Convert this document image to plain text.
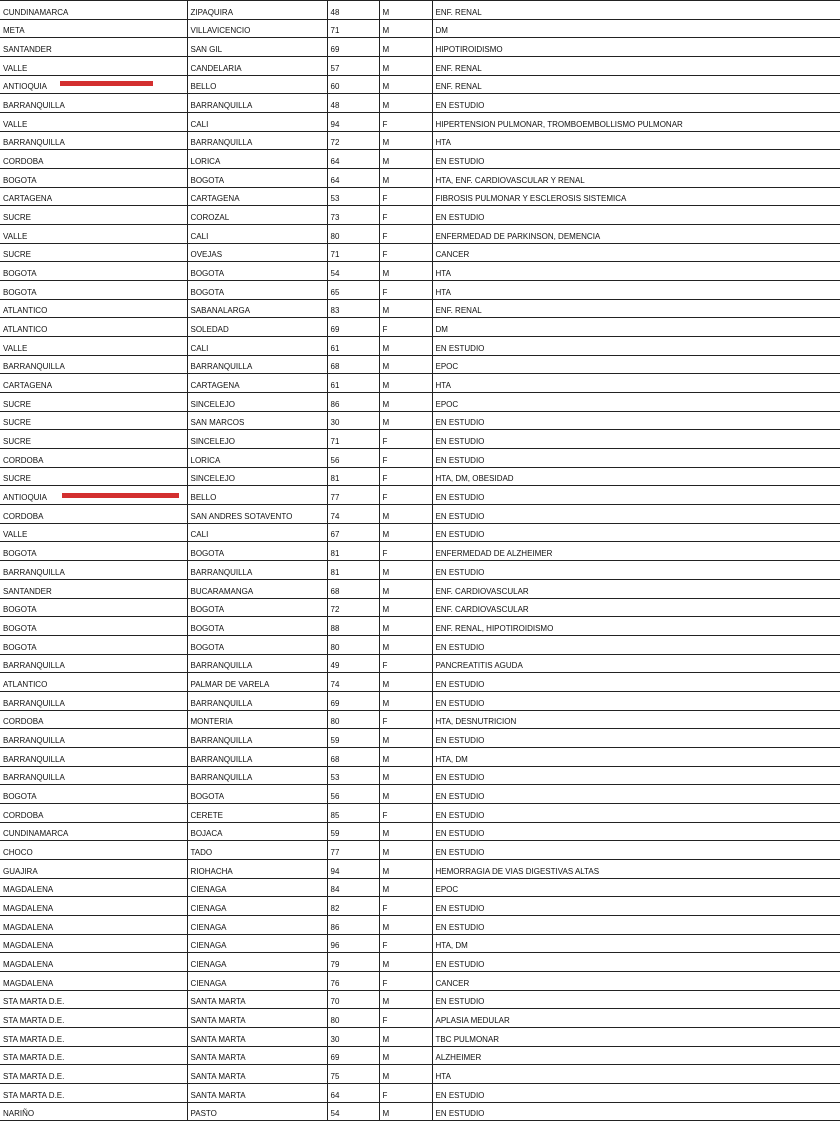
CUNDINAMARCA	ZIPAQUIRA	48	M	ENF. RENAL
META	VILLAVICENCIO	71	M	DM
SANTANDER	SAN GIL	69	M	HIPOTIROIDISMO
VALLE	CANDELARIA	57	M	ENF. RENAL
ANTIOQUIA	BELLO	60	M	ENF. RENAL
BARRANQUILLA	BARRANQUILLA	48	M	EN ESTUDIO
VALLE	CALI	94	F	HIPERTENSION PULMONAR, TROMBOEMBOLLISMO PULMONAR
BARRANQUILLA	BARRANQUILLA	72	M	HTA
CORDOBA	LORICA	64	M	EN ESTUDIO
BOGOTA	BOGOTA	64	M	HTA, ENF. CARDIOVASCULAR Y RENAL
CARTAGENA	CARTAGENA	53	F	FIBROSIS PULMONAR Y ESCLEROSIS SISTEMICA
SUCRE	COROZAL	73	F	EN ESTUDIO
VALLE	CALI	80	F	ENFERMEDAD DE PARKINSON, DEMENCIA
SUCRE	OVEJAS	71	F	CANCER
BOGOTA	BOGOTA	54	M	HTA
BOGOTA	BOGOTA	65	F	HTA
ATLANTICO	SABANALARGA	83	M	ENF. RENAL
ATLANTICO	SOLEDAD	69	F	DM
VALLE	CALI	61	M	EN ESTUDIO
BARRANQUILLA	BARRANQUILLA	68	M	EPOC
CARTAGENA	CARTAGENA	61	M	HTA
SUCRE	SINCELEJO	86	M	EPOC
SUCRE	SAN MARCOS	30	M	EN ESTUDIO
SUCRE	SINCELEJO	71	F	EN ESTUDIO
CORDOBA	LORICA	56	F	EN ESTUDIO
SUCRE	SINCELEJO	81	F	HTA, DM, OBESIDAD
ANTIOQUIA	BELLO	77	F	EN ESTUDIO
CORDOBA	SAN ANDRES SOTAVENTO	74	M	EN ESTUDIO
VALLE	CALI	67	M	EN ESTUDIO
BOGOTA	BOGOTA	81	F	ENFERMEDAD DE ALZHEIMER
BARRANQUILLA	BARRANQUILLA	81	M	EN ESTUDIO
SANTANDER	BUCARAMANGA	68	M	ENF. CARDIOVASCULAR
BOGOTA	BOGOTA	72	M	ENF. CARDIOVASCULAR
BOGOTA	BOGOTA	88	M	ENF. RENAL, HIPOTIROIDISMO
BOGOTA	BOGOTA	80	M	EN ESTUDIO
BARRANQUILLA	BARRANQUILLA	49	F	PANCREATITIS AGUDA
ATLANTICO	PALMAR DE VARELA	74	M	EN ESTUDIO
BARRANQUILLA	BARRANQUILLA	69	M	EN ESTUDIO
CORDOBA	MONTERIA	80	F	HTA, DESNUTRICION
BARRANQUILLA	BARRANQUILLA	59	M	EN ESTUDIO
BARRANQUILLA	BARRANQUILLA	68	M	HTA, DM
BARRANQUILLA	BARRANQUILLA	53	M	EN ESTUDIO
BOGOTA	BOGOTA	56	M	EN ESTUDIO
CORDOBA	CERETE	85	F	EN ESTUDIO
CUNDINAMARCA	BOJACA	59	M	EN ESTUDIO
CHOCO	TADO	77	M	EN ESTUDIO
GUAJIRA	RIOHACHA	94	M	HEMORRAGIA DE VIAS DIGESTIVAS ALTAS
MAGDALENA	CIENAGA	84	M	EPOC
MAGDALENA	CIENAGA	82	F	EN ESTUDIO
MAGDALENA	CIENAGA	86	M	EN ESTUDIO
MAGDALENA	CIENAGA	96	F	HTA, DM
MAGDALENA	CIENAGA	79	M	EN ESTUDIO
MAGDALENA	CIENAGA	76	F	CANCER
STA MARTA D.E.	SANTA MARTA	70	M	EN ESTUDIO
STA MARTA D.E.	SANTA MARTA	80	F	APLASIA MEDULAR
STA MARTA D.E.	SANTA MARTA	30	M	TBC PULMONAR
STA MARTA D.E.	SANTA MARTA	69	M	ALZHEIMER
STA MARTA D.E.	SANTA MARTA	75	M	HTA
STA MARTA D.E.	SANTA MARTA	64	F	EN ESTUDIO
NARIÑO	PASTO	54	M	EN ESTUDIO
